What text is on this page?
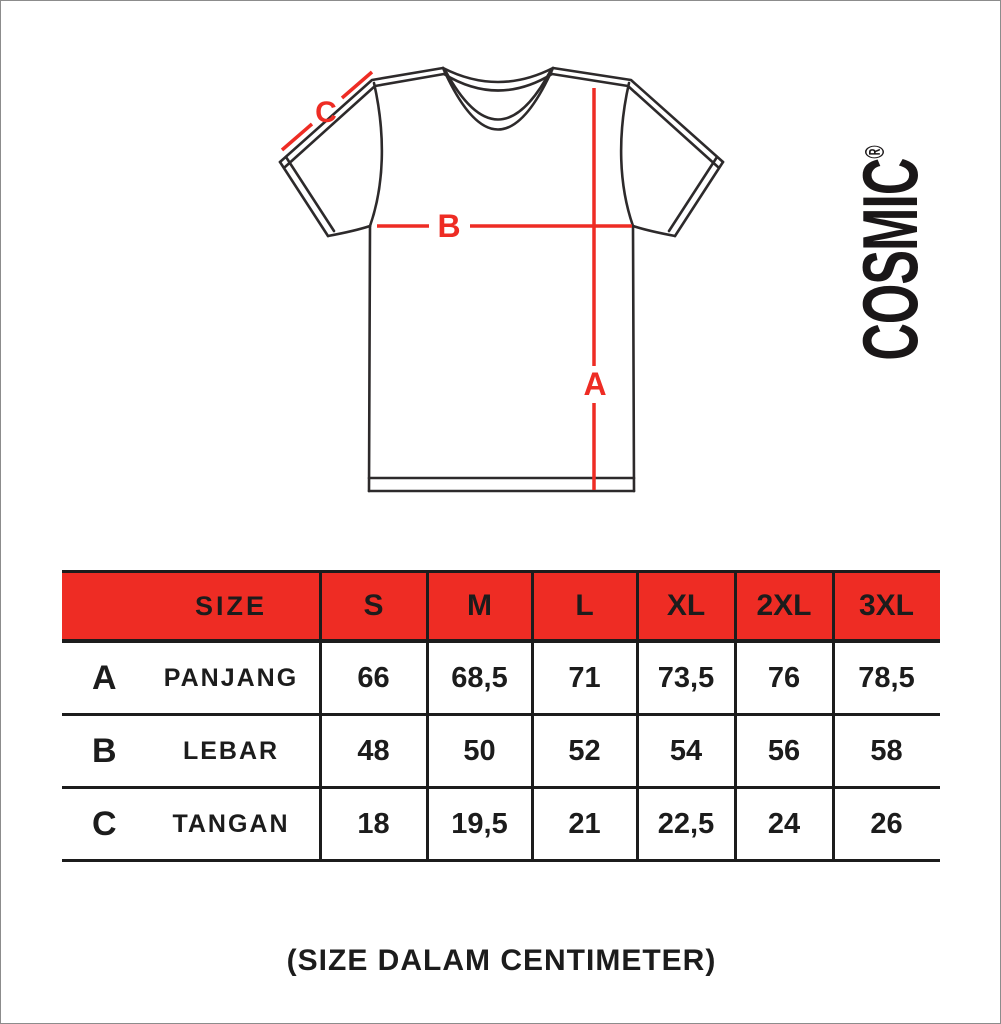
C
B
A
COSMIC®
SIZE	S	M	L	XL	2XL	3XL
A	PANJANG	66	68,5	71	73,5	76	78,5
B	LEBAR	48	50	52	54	56	58
C	TANGAN	18	19,5	21	22,5	24	26
(SIZE DALAM CENTIMETER)
